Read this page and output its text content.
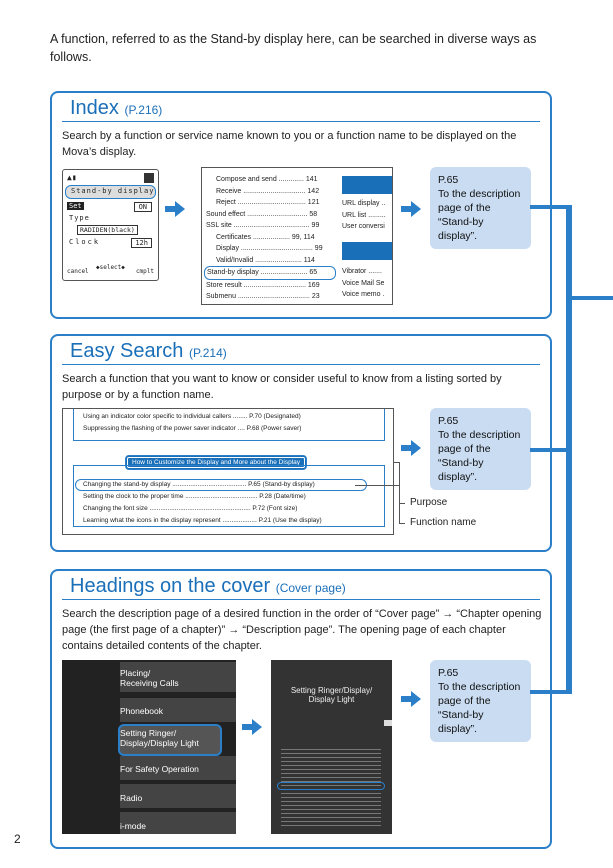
A function, referred to as the Stand-by display here, can be searched in diverse ways as follows.
Index (P.216)
Search by a function or service name known to you or a function name to be displayed on the Mova’s display.
▲▮
Stand-by display
Set	ON
Type
RADIDEN(black)
Clock	12h
cancel
◆select◆
cmplt
Compose and send ............. 141
Receive ................................ 142
Reject ................................... 121
Sound effect ............................... 58
SSL site ....................................... 99
Certificates ................... 99, 114
Display ..................................... 99
Valid/Invalid ........................ 114
Stand-by display ........................ 65
Store result ................................ 169
Submenu ..................................... 23
URL display ..
URL list .........
User conversi
Vibrator .......
Voice Mail Se
Voice memo .
P.65
To the description page of the “Stand-by display”.
Easy Search (P.214)
Search a function that you want to know or consider useful to know from a listing sorted by purpose or by a function name.
Using an indicator color specific to individual callers ........ P.70 (Designated)
Suppressing the flashing of the power saver indicator .... P.68 (Power saver)
How to Customize the Display and More about the Display
Changing the stand-by display ......................................... P.65 (Stand-by display)
Setting the clock to the proper time ........................................ P.28 (Date/time)
Changing the font size ........................................................ P.72 (Font size)
Learning what the icons in the display represent ................... P.21 (Use the display)
Purpose
Function name
P.65
To the description page of the “Stand-by display”.
Headings on the cover (Cover page)
Search the description page of a desired function in the order of “Cover page” → “Chapter opening page (the first page of a chapter)” → “Description page”. The opening page of each chapter contains detailed contents of the chapter.
Placing/
Receiving Calls
Phonebook
Setting Ringer/
Display/Display Light
For Safety Operation
Radio
i-mode
Setting Ringer/Display/
Display Light
P.65
To the description page of the “Stand-by display”.
2
